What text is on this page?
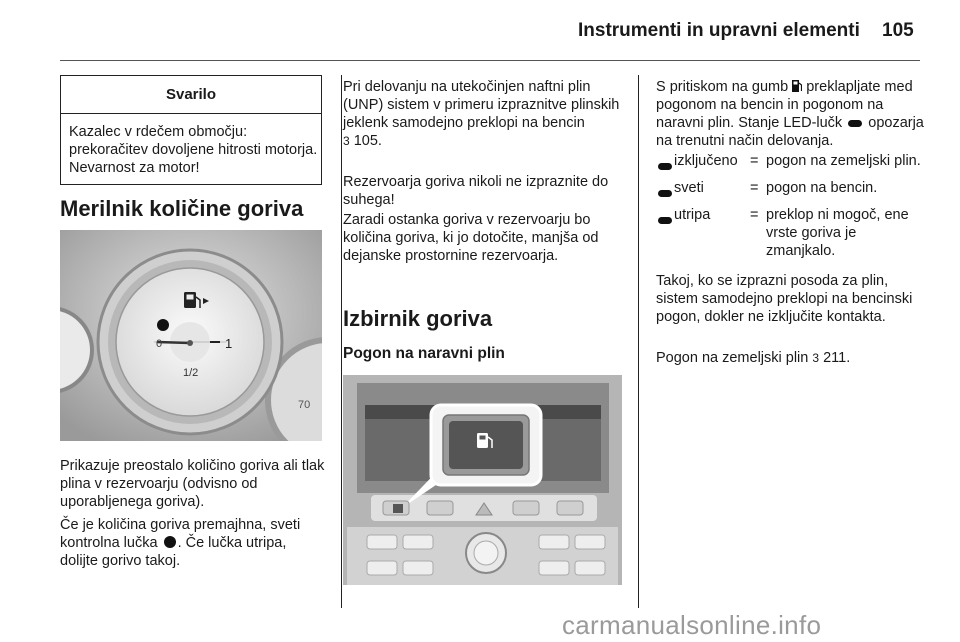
Instrumenti in upravni elementi 105
Svarilo
Kazalec v rdečem območju: prekoračitev dovoljene hitrosti motorja. Nevarnost za motor!
Merilnik količine goriva
70
0	1
1/2

Prikazuje preostalo količino goriva ali tlak plina v rezervoarju (odvisno od uporabljenega goriva).

Če je količina goriva premajhna, sveti kontrolna lučka . Če lučka utripa, dolijte gorivo takoj.

Pri delovanju na utekočinjen naftni plin (UNP) sistem v primeru izpraznitve plinskih jeklenk samodejno preklopi na bencin
3 105.

Rezervoarja goriva nikoli ne izpraznite do suhega!

Zaradi ostanka goriva v rezervoarju bo količina goriva, ki jo dotočite, manjša od dejanske prostornine rezervoarja.

Izbirnik goriva
Pogon na naravni plin

S pritiskom na gumb preklapljate med pogonom na bencin in pogonom na naravni plin. Stanje LED-lučk opozarja na trenutni način delovanja.

izključeno = pogon na zemeljski plin.
sveti	= pogon na bencin.
utripa	= preklop ni mogoč, ene vrste goriva je zmanjkalo.

Takoj, ko se izprazni posoda za plin, sistem samodejno preklopi na bencinski pogon, dokler ne izključite kontakta.

Pogon na zemeljski plin 3 211.

carmanualsonline.info
